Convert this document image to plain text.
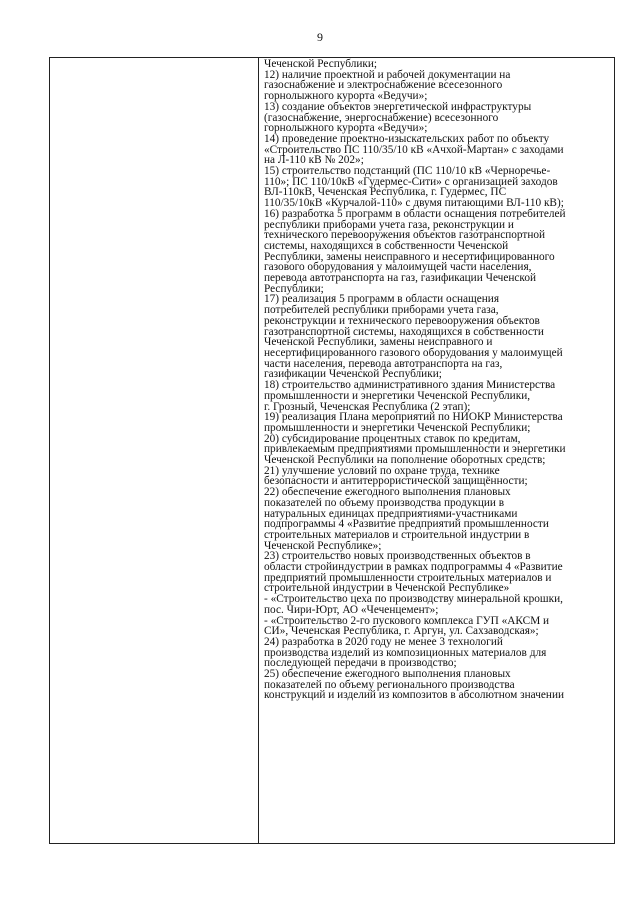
9

Чеченской Республики;

12) наличие проектной и рабочей документации на

газоснабжение и электроснабжение всесезонного

горнолыжного курорта «Ведучи»;

13) создание объектов энергетической инфраструктуры

(газоснабжение, энергоснабжение) всесезонного

горнолыжного курорта «Ведучи»;

14) проведение проектно-изыскательских работ по объекту

«Строительство ПС 110/35/10 кВ «Ачхой-Мартан» с заходами

на Л-110 кВ № 202»;

15) строительство подстанций (ПС 110/10 кВ «Черноречье-

110»; ПС 110/10кВ «Гудермес-Сити» с организацией заходов

ВЛ-110кВ, Чеченская Республика, г. Гудермес, ПС

110/35/10кВ «Курчалой-110» с двумя питающими ВЛ-110 кВ);

16) разработка 5 программ в области оснащения потребителей

республики приборами учета газа, реконструкции и

технического перевооружения объектов газотранспортной

системы, находящихся в собственности Чеченской

Республики, замены неисправного и несертифицированного

газового оборудования у малоимущей части населения,

перевода автотранспорта на газ, газификации Чеченской

Республики;

17) реализация 5 программ в области оснащения

потребителей республики приборами учета газа,

реконструкции и технического перевооружения объектов

газотранспортной системы, находящихся в собственности

Чеченской Республики, замены неисправного и

несертифицированного газового оборудования у малоимущей

части населения, перевода автотранспорта на газ,

газификации Чеченской Республики;

18) строительство административного здания Министерства

промышленности и энергетики Чеченской Республики,

г. Грозный, Чеченская Республика (2 этап);

19) реализация Плана мероприятий по НИОКР Министерства

промышленности и энергетики Чеченской Республики;

20) субсидирование процентных ставок по кредитам,

привлекаемым предприятиями промышленности и энергетики

Чеченской Республики на пополнение оборотных средств;

21) улучшение условий по охране труда, технике

безопасности и антитеррористической защищённости;

22) обеспечение ежегодного выполнения плановых

показателей по объему производства продукции в

натуральных единицах предприятиями-участниками

подпрограммы 4 «Развитие предприятий промышленности

строительных материалов и строительной индустрии в

Чеченской Республике»;

23) строительство новых производственных объектов в

области стройиндустрии в рамках подпрограммы 4 «Развитие

предприятий промышленности строительных материалов и

строительной индустрии в Чеченской Республике»

- «Строительство цеха по производству минеральной крошки,

пос. Чири-Юрт, АО «Чеченцемент»;

- «Строительство 2-го пускового комплекса ГУП «АКСМ и

СИ», Чеченская Республика, г. Аргун, ул. Сахзаводская»;

24) разработка в 2020 году не менее 3 технологий

производства изделий из композиционных материалов для

последующей передачи в производство;

25) обеспечение ежегодного выполнения плановых

показателей по объему регионального производства

конструкций и изделий из композитов в абсолютном значении
